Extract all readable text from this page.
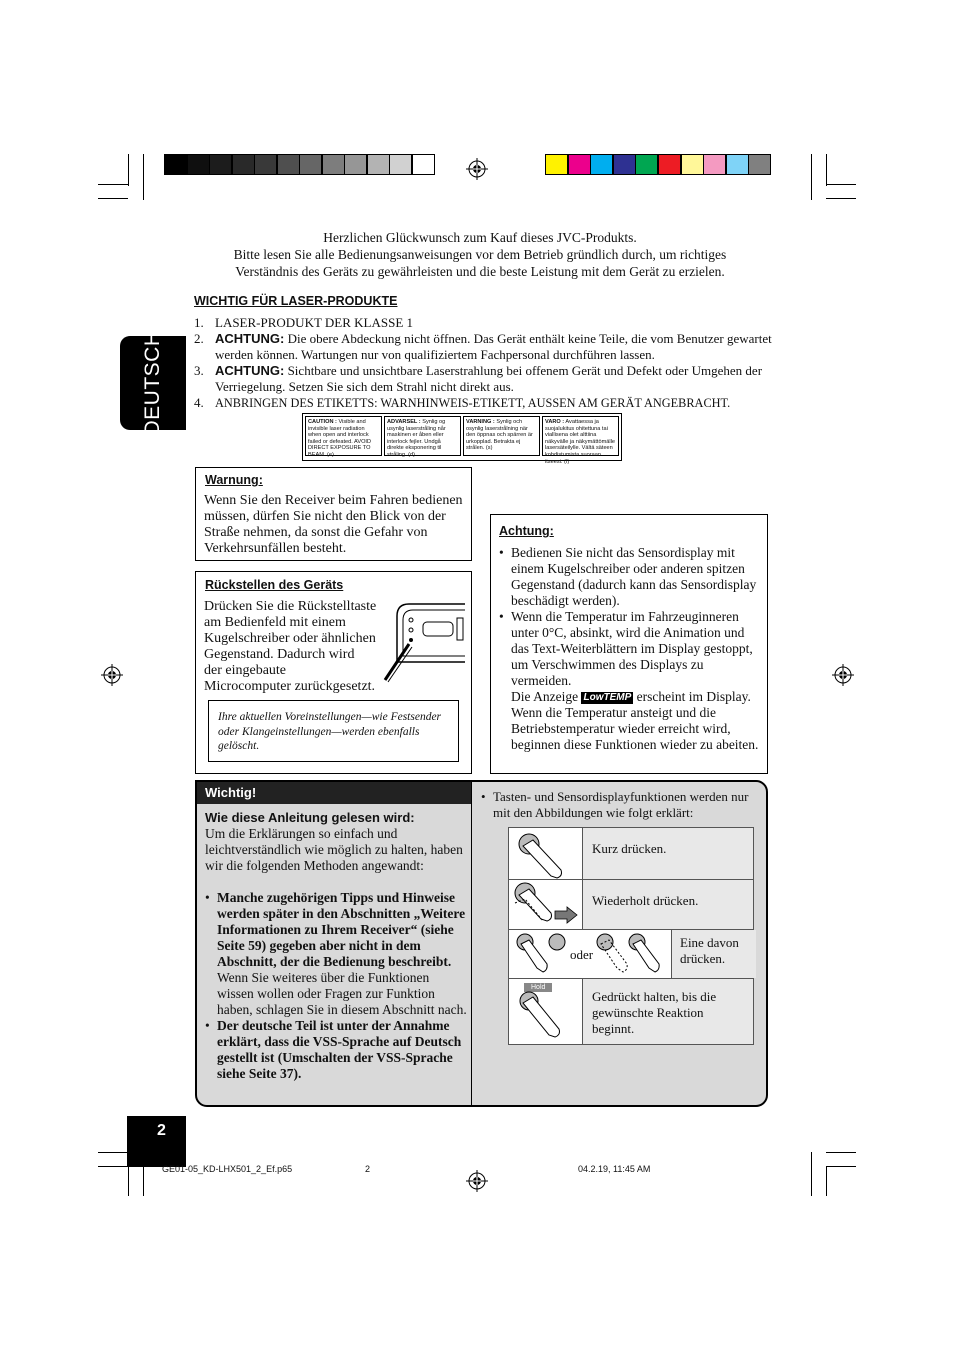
DEUTSCH
Herzlichen Glückwunsch zum Kauf dieses JVC-Produkts.
Bitte lesen Sie alle Bedienungsanweisungen vor dem Betrieb gründlich durch, um richtiges
Verständnis des Geräts zu gewährleisten und die beste Leistung mit dem Gerät zu erzielen.
WICHTIG FÜR LASER-PRODUKTE
1. LASER-PRODUKT DER KLASSE 1
2. ACHTUNG: Die obere Abdeckung nicht öffnen. Das Gerät enthält keine Teile, die vom Benutzer gewartet werden können. Wartungen nur von qualifiziertem Fachpersonal durchführen lassen.
3. ACHTUNG: Sichtbare und unsichtbare Laserstrahlung bei offenem Gerät und Defekt oder Umgehen der Verriegelung. Setzen Sie sich dem Strahl nicht direkt aus.
4. ANBRINGEN DES ETIKETTS: WARNHINWEIS-ETIKETT, AUSSEN AM GERÄT ANGEBRACHT.
CAUTION : Visible and invisible laser radiation when open and interlock failed or defeated. AVOID DIRECT EXPOSURE TO BEAM. (e)
ADVARSEL : Synlig og usynlig laserstråling når maskinen er åben eller interlock fejler. Undgå direkte eksponering til stråling. (d)
VARNING : Synlig och osynlig laserstrålning när den öppnas och spärren är urkopplad. Betrakta ej strålen. (s)
VARO : Avattaessa ja suojalukitus ohitettuna tai viallisena olet alttiina näkyvälle ja näkymättömälle lasersäteilylle. Vältä säteen kohdistumista suoraan itseesi. (f)
Warnung:
Wenn Sie den Receiver beim Fahren bedienen müssen, dürfen Sie nicht den Blick von der Straße nehmen, da sonst die Gefahr von Verkehrsunfällen besteht.
Rückstellen des Geräts
Drücken Sie die Rückstelltaste
am Bedienfeld mit einem
Kugelschreiber oder ähnlichen
Gegenstand. Dadurch wird
der eingebaute
Microcomputer zurückgesetzt.
Ihre aktuellen Voreinstellungen—wie Festsender oder Klangeinstellungen—werden ebenfalls gelöscht.
Achtung:
• Bedienen Sie nicht das Sensordisplay mit einem Kugelschreiber oder anderen spitzen Gegenstand (dadurch kann das Sensordisplay beschädigt werden).
• Wenn die Temperatur im Fahrzeuginneren unter 0°C, absinkt, wird die Animation und das Text-Weiterblättern im Display gestoppt, um Verschwimmen des Displays zu vermeiden.
Die Anzeige LowTEMP erscheint im Display. Wenn die Temperatur ansteigt und die Betriebstemperatur wieder erreicht wird, beginnen diese Funktionen wieder zu abeiten.
Wichtig!
Wie diese Anleitung gelesen wird:
Um die Erklärungen so einfach und leichtverständlich wie möglich zu halten, haben wir die folgenden Methoden angewandt:
• Manche zugehörigen Tipps und Hinweise werden später in den Abschnitten „Weitere Informationen zu Ihrem Receiver“ (siehe Seite 59) gegeben aber nicht in dem Abschnitt, der die Bedienung beschreibt. Wenn Sie weiteres über die Funktionen wissen wollen oder Fragen zur Funktion haben, schlagen Sie in diesem Abschnitt nach.
• Der deutsche Teil ist unter der Annahme erklärt, dass die VSS-Sprache auf Deutsch gestellt ist (Umschalten der VSS-Sprache siehe Seite 37).
• Tasten- und Sensordisplayfunktionen werden nur mit den Abbildungen wie folgt erklärt:
Kurz drücken.
Wiederholt drücken.
oder
Eine davon drücken.
Hold
Gedrückt halten, bis die gewünschte Reaktion beginnt.
2
GE01-05_KD-LHX501_2_Ef.p65	2	04.2.19, 11:45 AM
